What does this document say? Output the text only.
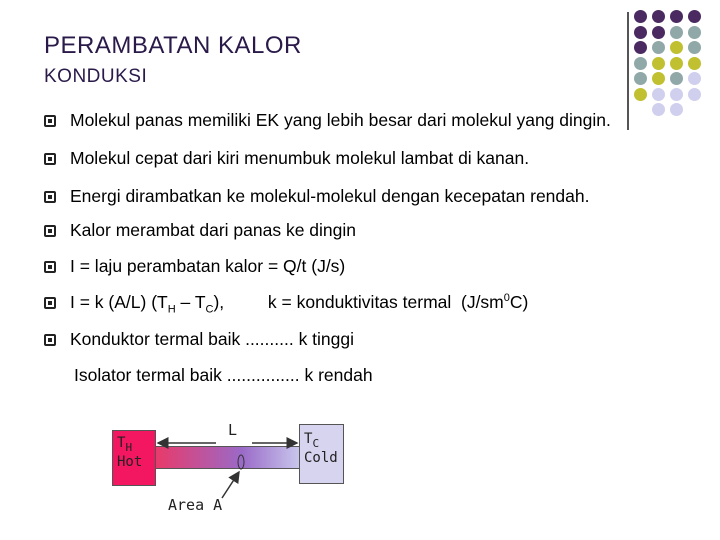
PERAMBATAN KALOR
KONDUKSI
Molekul panas memiliki EK yang lebih besar dari molekul yang dingin.
Molekul cepat dari kiri menumbuk molekul lambat di kanan.
Energi dirambatkan ke molekul-molekul dengan kecepatan rendah.
Kalor merambat dari panas ke dingin
I = laju perambatan kalor = Q/t (J/s)
I = k (A/L) $(T_H - T_C)$,         k = konduktivitas termal  $(J/sm^0C)$
Konduktor termal baik .......... k tinggi
Isolator termal baik ............... k rendah
$T_H$
Hot
$T_C$
Cold
L
Area A
